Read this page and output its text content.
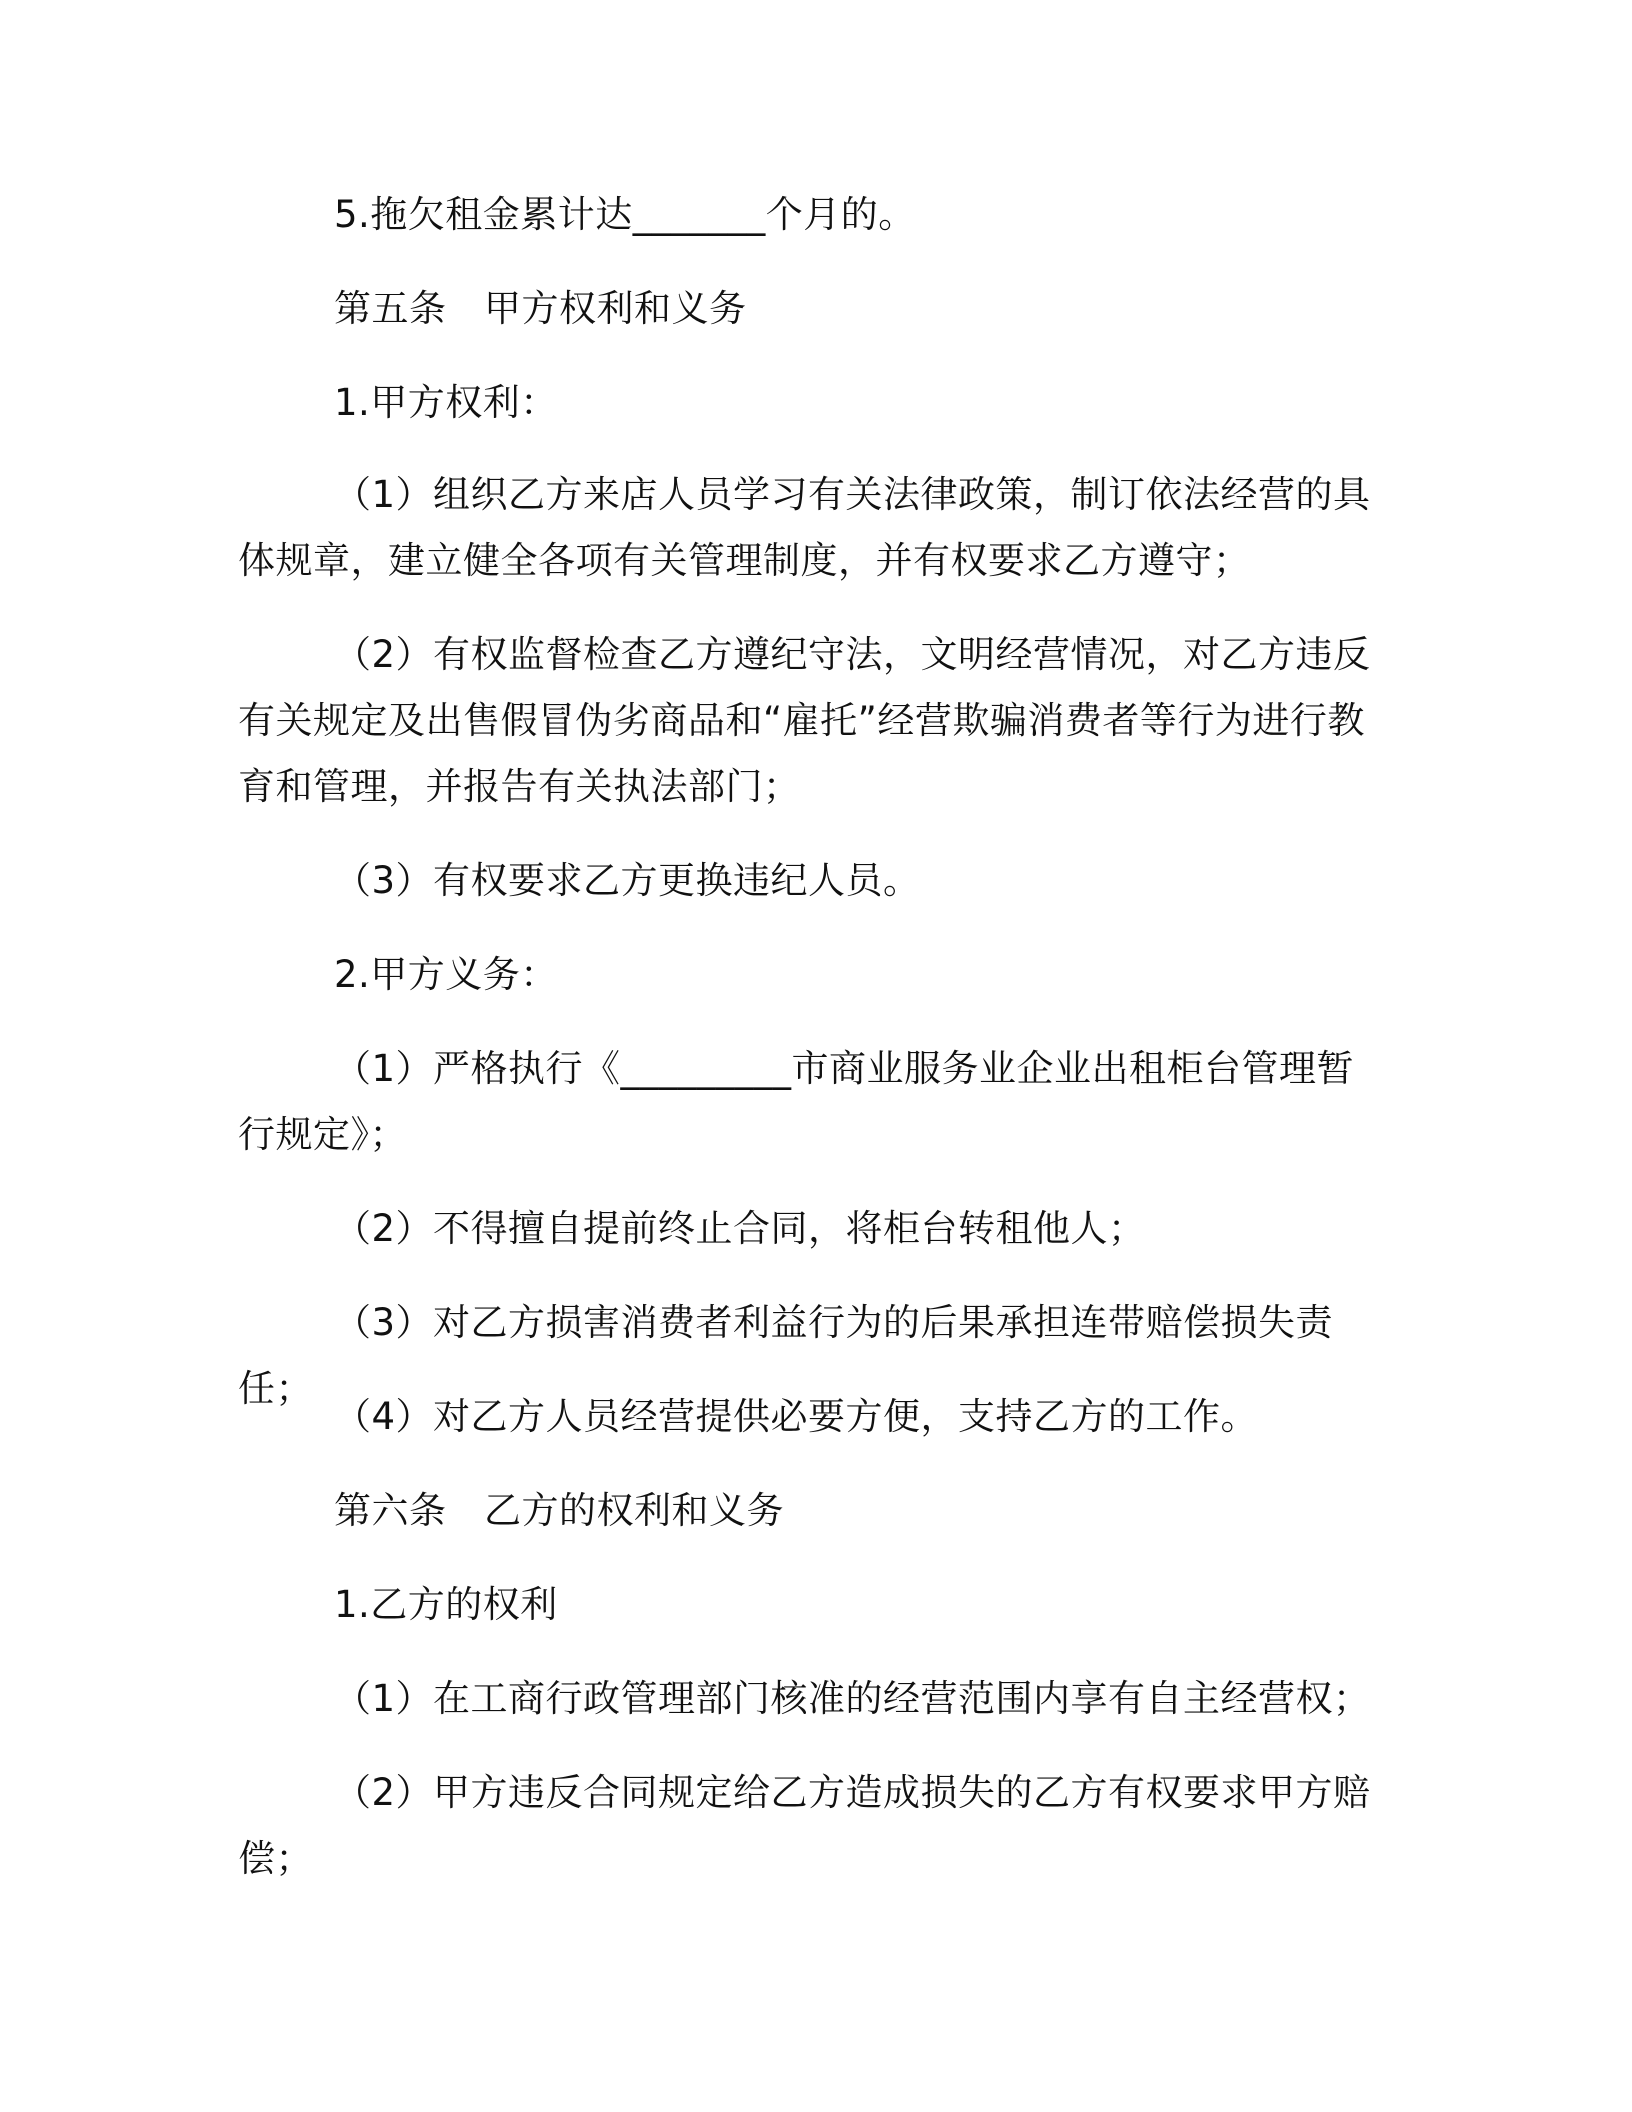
5.拖欠租金累计达_______个月的。

第五条　甲方权利和义务

1.甲方权利：

（1）组织乙方来店人员学习有关法律政策，制订依法经营的具体规章，建立健全各项有关管理制度，并有权要求乙方遵守；

（2）有权监督检查乙方遵纪守法，文明经营情况，对乙方违反有关规定及出售假冒伪劣商品和“雇托”经营欺骗消费者等行为进行教育和管理，并报告有关执法部门；

（3）有权要求乙方更换违纪人员。

2.甲方义务：

（1）严格执行《_________市商业服务业企业出租柜台管理暂行规定》；

（2）不得擅自提前终止合同，将柜台转租他人；

（3）对乙方损害消费者利益行为的后果承担连带赔偿损失责任；

（4）对乙方人员经营提供必要方便，支持乙方的工作。

第六条　乙方的权利和义务

1.乙方的权利

（1）在工商行政管理部门核准的经营范围内享有自主经营权；

（2）甲方违反合同规定给乙方造成损失的乙方有权要求甲方赔偿；
